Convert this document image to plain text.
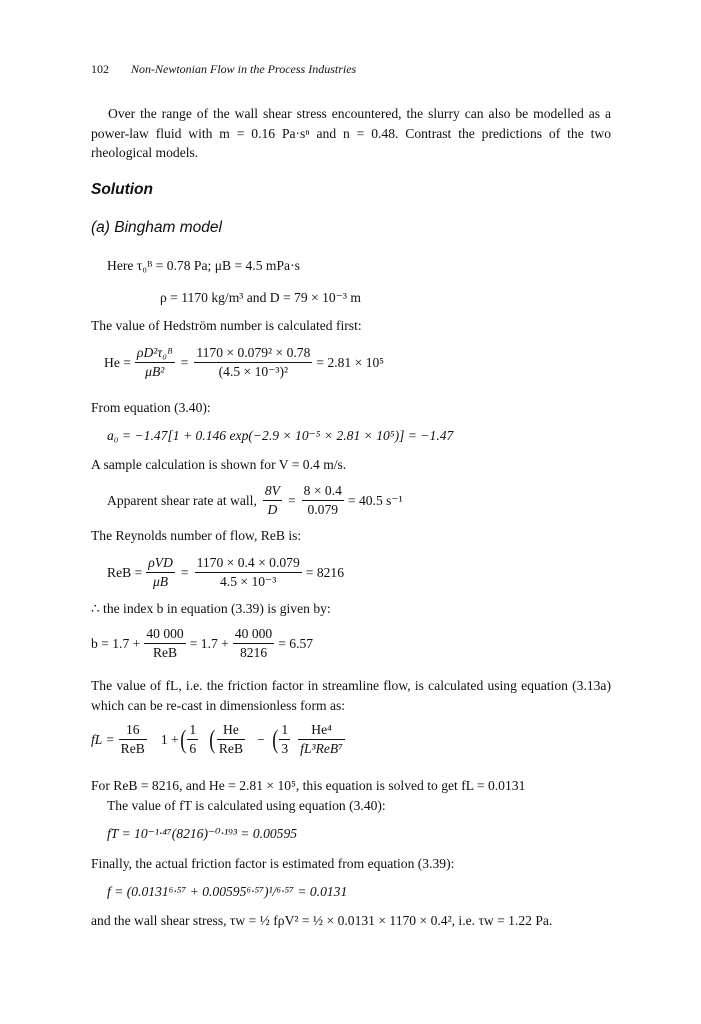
102 Non-Newtonian Flow in the Process Industries
Over the range of the wall shear stress encountered, the slurry can also be modelled as a power-law fluid with m = 0.16 Pa·sⁿ and n = 0.48. Contrast the predictions of the two rheological models.
Solution
(a) Bingham model
Here τ₀ᴮ = 0.78 Pa; μB = 4.5 mPa·s
ρ = 1170 kg/m³ and D = 79 × 10⁻³ m
The value of Hedström number is calculated first:
$He = \frac{\text{ρD²τ₀ᴮ}}{\text{μB²}} = \frac{\text{1170 × 0.079² × 0.78}}{\text{(4.5 × 10⁻³)²}} = 2.81 \times 10^5$
From equation (3.40):
a₀ = −1.47[1 + 0.146 exp(−2.9 × 10⁻⁵ × 2.81 × 10⁵)] = −1.47
A sample calculation is shown for V = 0.4 m/s.
Apparent shear rate at wall, $\frac{8V}{D} = \frac{8 \times 0.4}{0.079} = 40.5$ s⁻¹
The Reynolds number of flow, ReB is:
ReB = $\frac{\text{ρVD}}{\mu B} = \frac{1170 \times 0.4 \times 0.079}{\text{4.5 × 10⁻³}} = 8216$
∴ the index b in equation (3.39) is given by:
$b = 1.7 + \frac{40 000}{\text{ReB}} = 1.7 + \frac{40 000}{8216} = 6.57$
The value of fL, i.e. the friction factor in streamline flow, is calculated using equation (3.13a) which can be re-cast in dimensionless form as:
fL = $\frac{16}{\text{ReB}} 1$ + ( $\frac{1}{6}$ ( $\frac{He}{\text{ReB}}$ − ( $\frac{1}{3} \frac{\text{He⁴}}{\text{fL³ReB⁷}}$
For ReB = 8216, and He = 2.81 × 10⁵, this equation is solved to get fL = 0.0131
The value of fT is calculated using equation (3.40):
fT = 10⁻¹·⁴⁷(8216)⁻⁰·¹⁹³ = 0.00595
Finally, the actual friction factor is estimated from equation (3.39):
f = (0.0131⁶·⁵⁷ + 0.00595⁶·⁵⁷)¹/⁶·⁵⁷ = 0.0131
and the wall shear stress, τw = ½ fρV² = ½ × 0.0131 × 1170 × 0.4², i.e. τw = 1.22 Pa.
